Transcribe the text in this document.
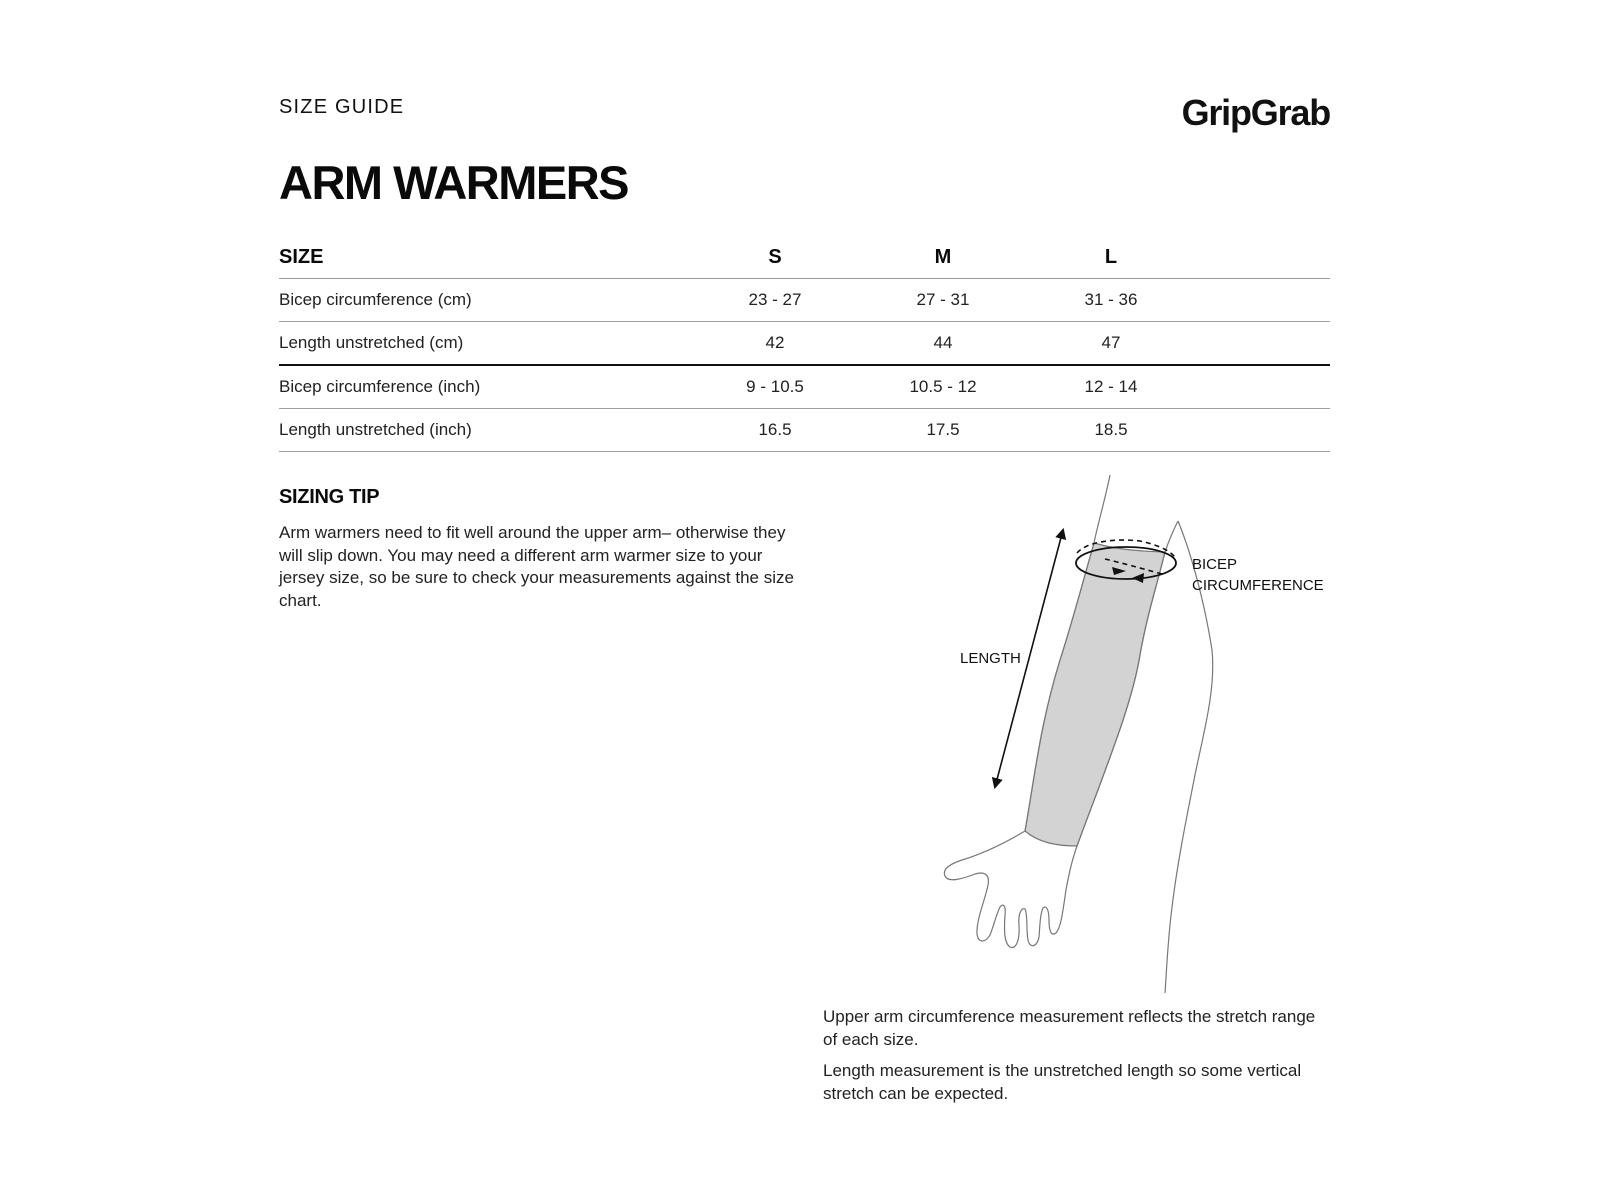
SIZE GUIDE	GripGrab
ARM WARMERS
SIZE	S		M		L	
Bicep circumference (cm)	23 - 27		27 - 31		31 - 36	
Length unstretched (cm)	42		44		47	
Bicep circumference (inch)	9 - 10.5		10.5 - 12		12 - 14	
Length unstretched (inch)	16.5		17.5		18.5	
SIZING TIP
Arm warmers need to fit well around the upper arm– otherwise they will slip down. You may need a different arm warmer size to your jersey size, so be sure to check your measurements against the size chart.
LENGTH
BICEP
CIRCUMFERENCE
Upper arm circumference measurement reflects the stretch range of each size.
Length measurement is the unstretched length so some vertical stretch can be expected.
